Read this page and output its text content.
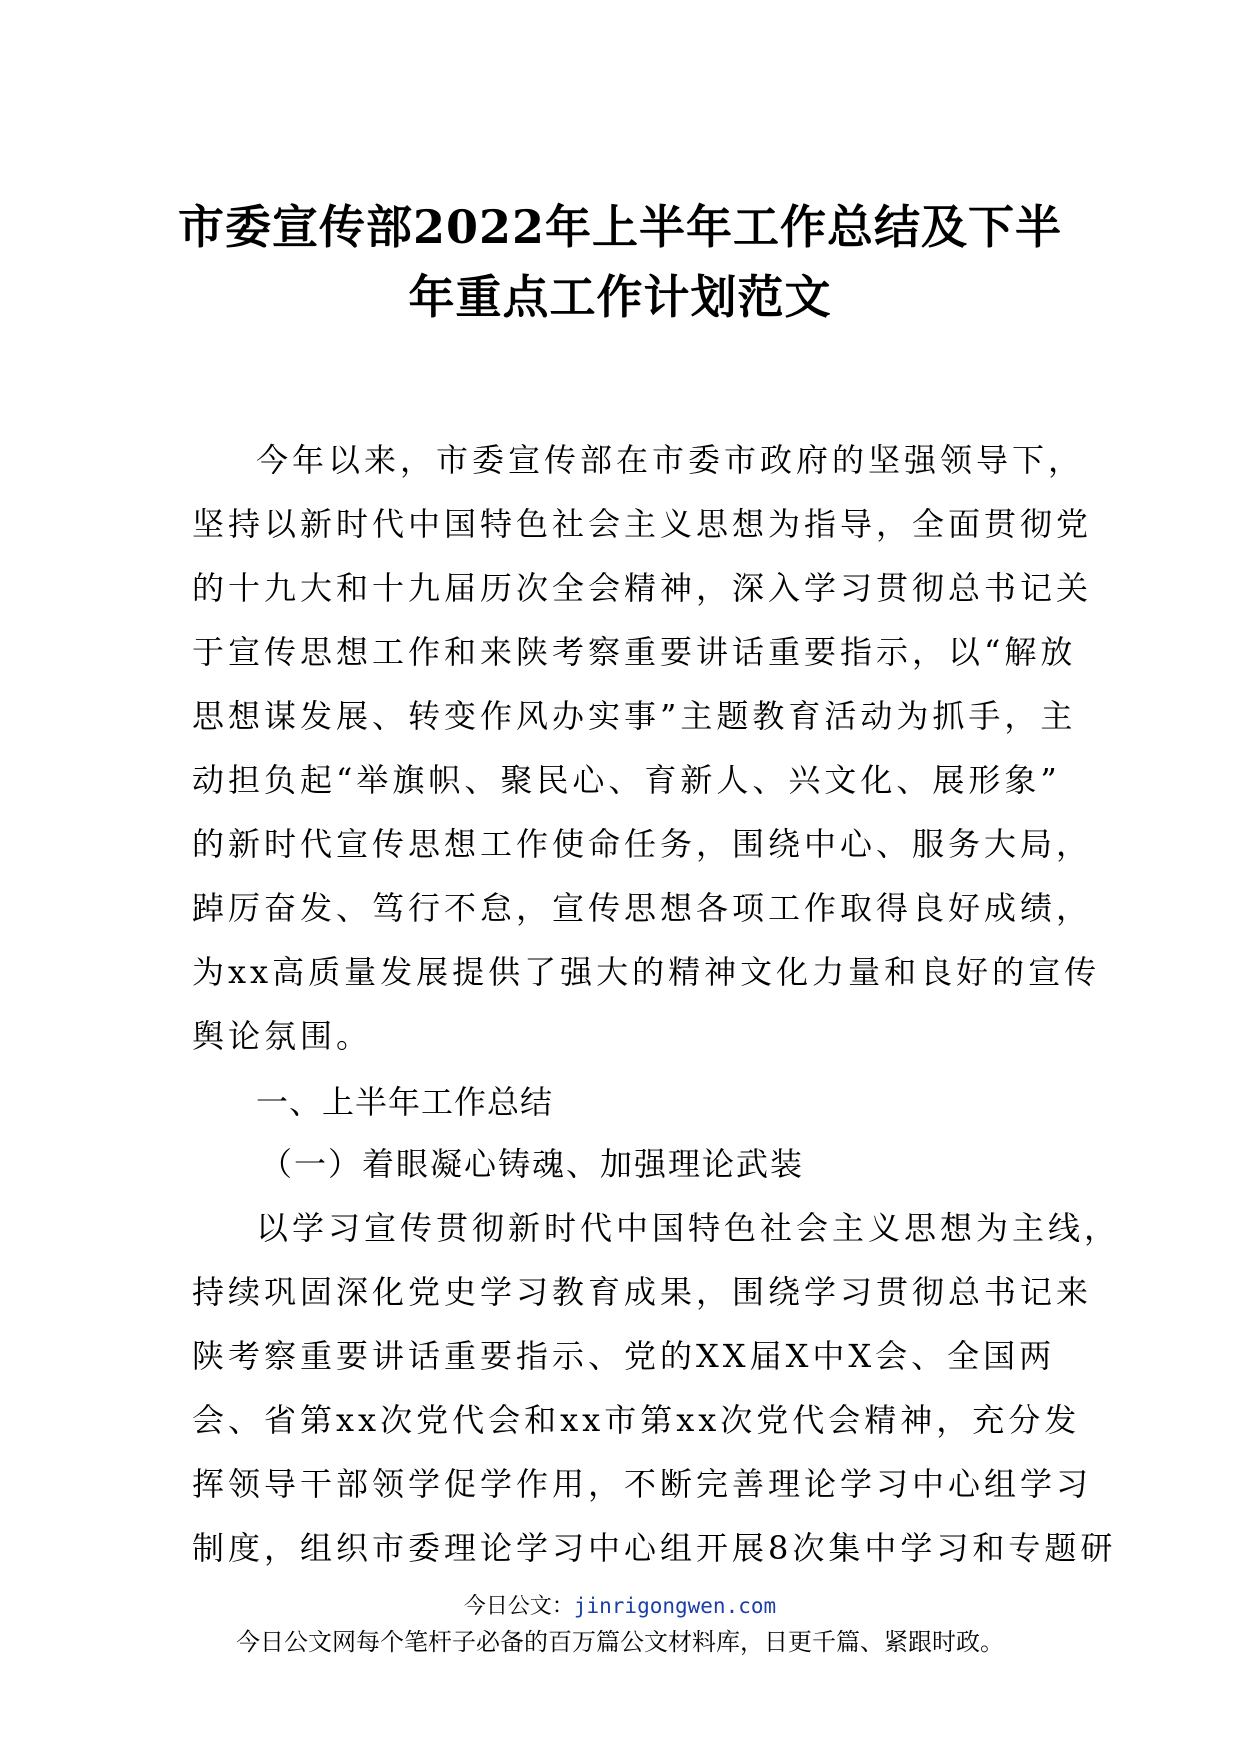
市委宣传部2022年上半年工作总结及下半
年重点工作计划范文
今年以来，市委宣传部在市委市政府的坚强领导下，
坚持以新时代中国特色社会主义思想为指导，全面贯彻党
的十九大和十九届历次全会精神，深入学习贯彻总书记关
于宣传思想工作和来陕考察重要讲话重要指示，以“解放
思想谋发展、转变作风办实事”主题教育活动为抓手，主
动担负起“举旗帜、聚民心、育新人、兴文化、展形象”
的新时代宣传思想工作使命任务，围绕中心、服务大局，
踔厉奋发、笃行不怠，宣传思想各项工作取得良好成绩，
为xx高质量发展提供了强大的精神文化力量和良好的宣传
舆论氛围。
一、上半年工作总结
（一）着眼凝心铸魂、加强理论武装
以学习宣传贯彻新时代中国特色社会主义思想为主线，
持续巩固深化党史学习教育成果，围绕学习贯彻总书记来
陕考察重要讲话重要指示、党的XX届X中X会、全国两
会、省第xx次党代会和xx市第xx次党代会精神，充分发
挥领导干部领学促学作用，不断完善理论学习中心组学习
制度，组织市委理论学习中心组开展8次集中学习和专题研
今日公文：jinrigongwen.com
今日公文网每个笔杆子必备的百万篇公文材料库，日更千篇、紧跟时政。
